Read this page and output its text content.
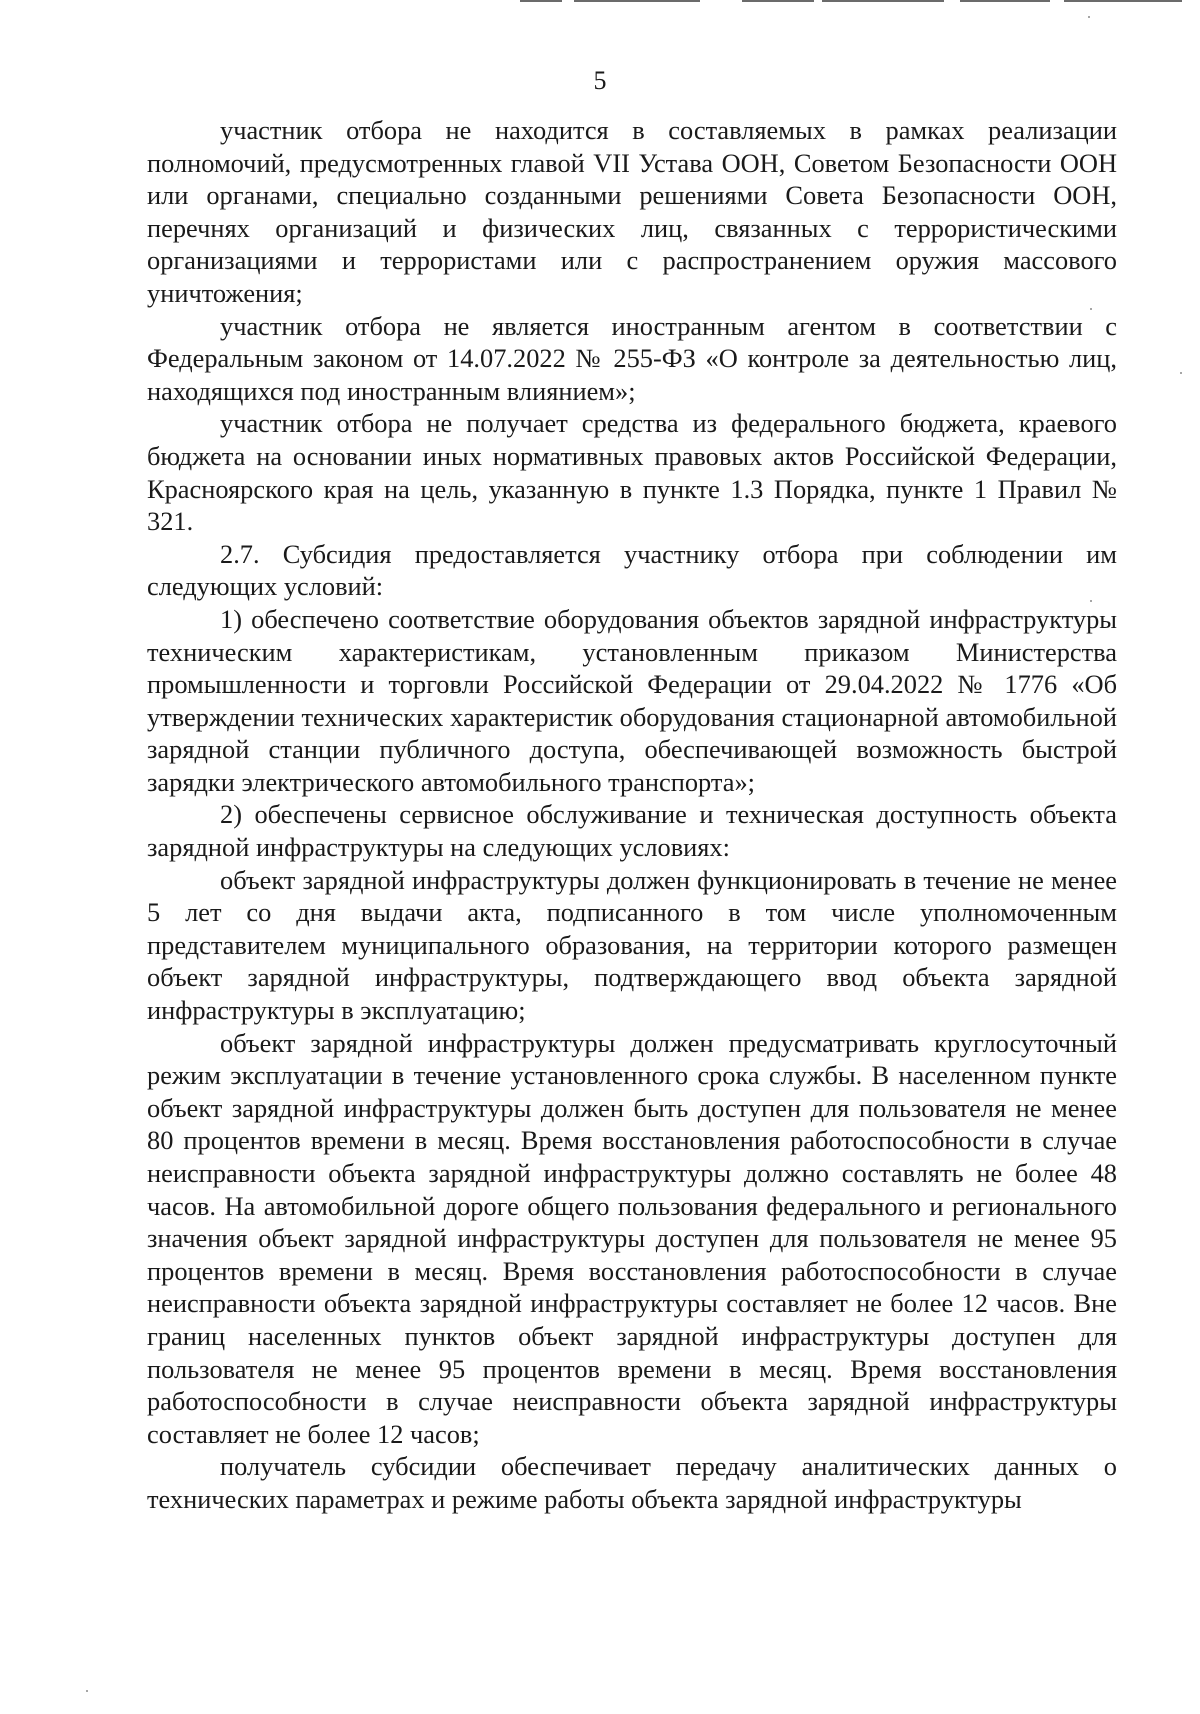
5

участник отбора не находится в составляемых в рамках реализации полномочий, предусмотренных главой VII Устава ООН, Советом Безопасности ООН или органами, специально созданными решениями Совета Безопасности ООН, перечнях организаций и физических лиц, связанных с террористическими организациями и террористами или с распространением оружия массового уничтожения;

участник отбора не является иностранным агентом в соответствии с Федеральным законом от 14.07.2022 № 255-ФЗ «О контроле за деятельностью лиц, находящихся под иностранным влиянием»;

участник отбора не получает средства из федерального бюджета, краевого бюджета на основании иных нормативных правовых актов Российской Федерации, Красноярского края на цель, указанную в пункте 1.3 Порядка, пункте 1 Правил № 321.

2.7. Субсидия предоставляется участнику отбора при соблюдении им следующих условий:

1) обеспечено соответствие оборудования объектов зарядной инфраструктуры техническим характеристикам, установленным приказом Министерства промышленности и торговли Российской Федерации от 29.04.2022 № 1776 «Об утверждении технических характеристик оборудования стационарной автомобильной зарядной станции публичного доступа, обеспечивающей возможность быстрой зарядки электрического автомобильного транспорта»;

2) обеспечены сервисное обслуживание и техническая доступность объекта зарядной инфраструктуры на следующих условиях:

объект зарядной инфраструктуры должен функционировать в течение не менее 5 лет со дня выдачи акта, подписанного в том числе уполномоченным представителем муниципального образования, на территории которого размещен объект зарядной инфраструктуры, подтверждающего ввод объекта зарядной инфраструктуры в эксплуатацию;

объект зарядной инфраструктуры должен предусматривать круглосуточный режим эксплуатации в течение установленного срока службы. В населенном пункте объект зарядной инфраструктуры должен быть доступен для пользователя не менее 80 процентов времени в месяц. Время восстановления работоспособности в случае неисправности объекта зарядной инфраструктуры должно составлять не более 48 часов. На автомобильной дороге общего пользования федерального и регионального значения объект зарядной инфраструктуры доступен для пользователя не менее 95 процентов времени в месяц. Время восстановления работоспособности в случае неисправности объекта зарядной инфраструктуры составляет не более 12 часов. Вне границ населенных пунктов объект зарядной инфраструктуры доступен для пользователя не менее 95 процентов времени в месяц. Время восстановления работоспособности в случае неисправности объекта зарядной инфраструктуры составляет не более 12 часов;

получатель субсидии обеспечивает передачу аналитических данных о технических параметрах и режиме работы объекта зарядной инфраструктуры
